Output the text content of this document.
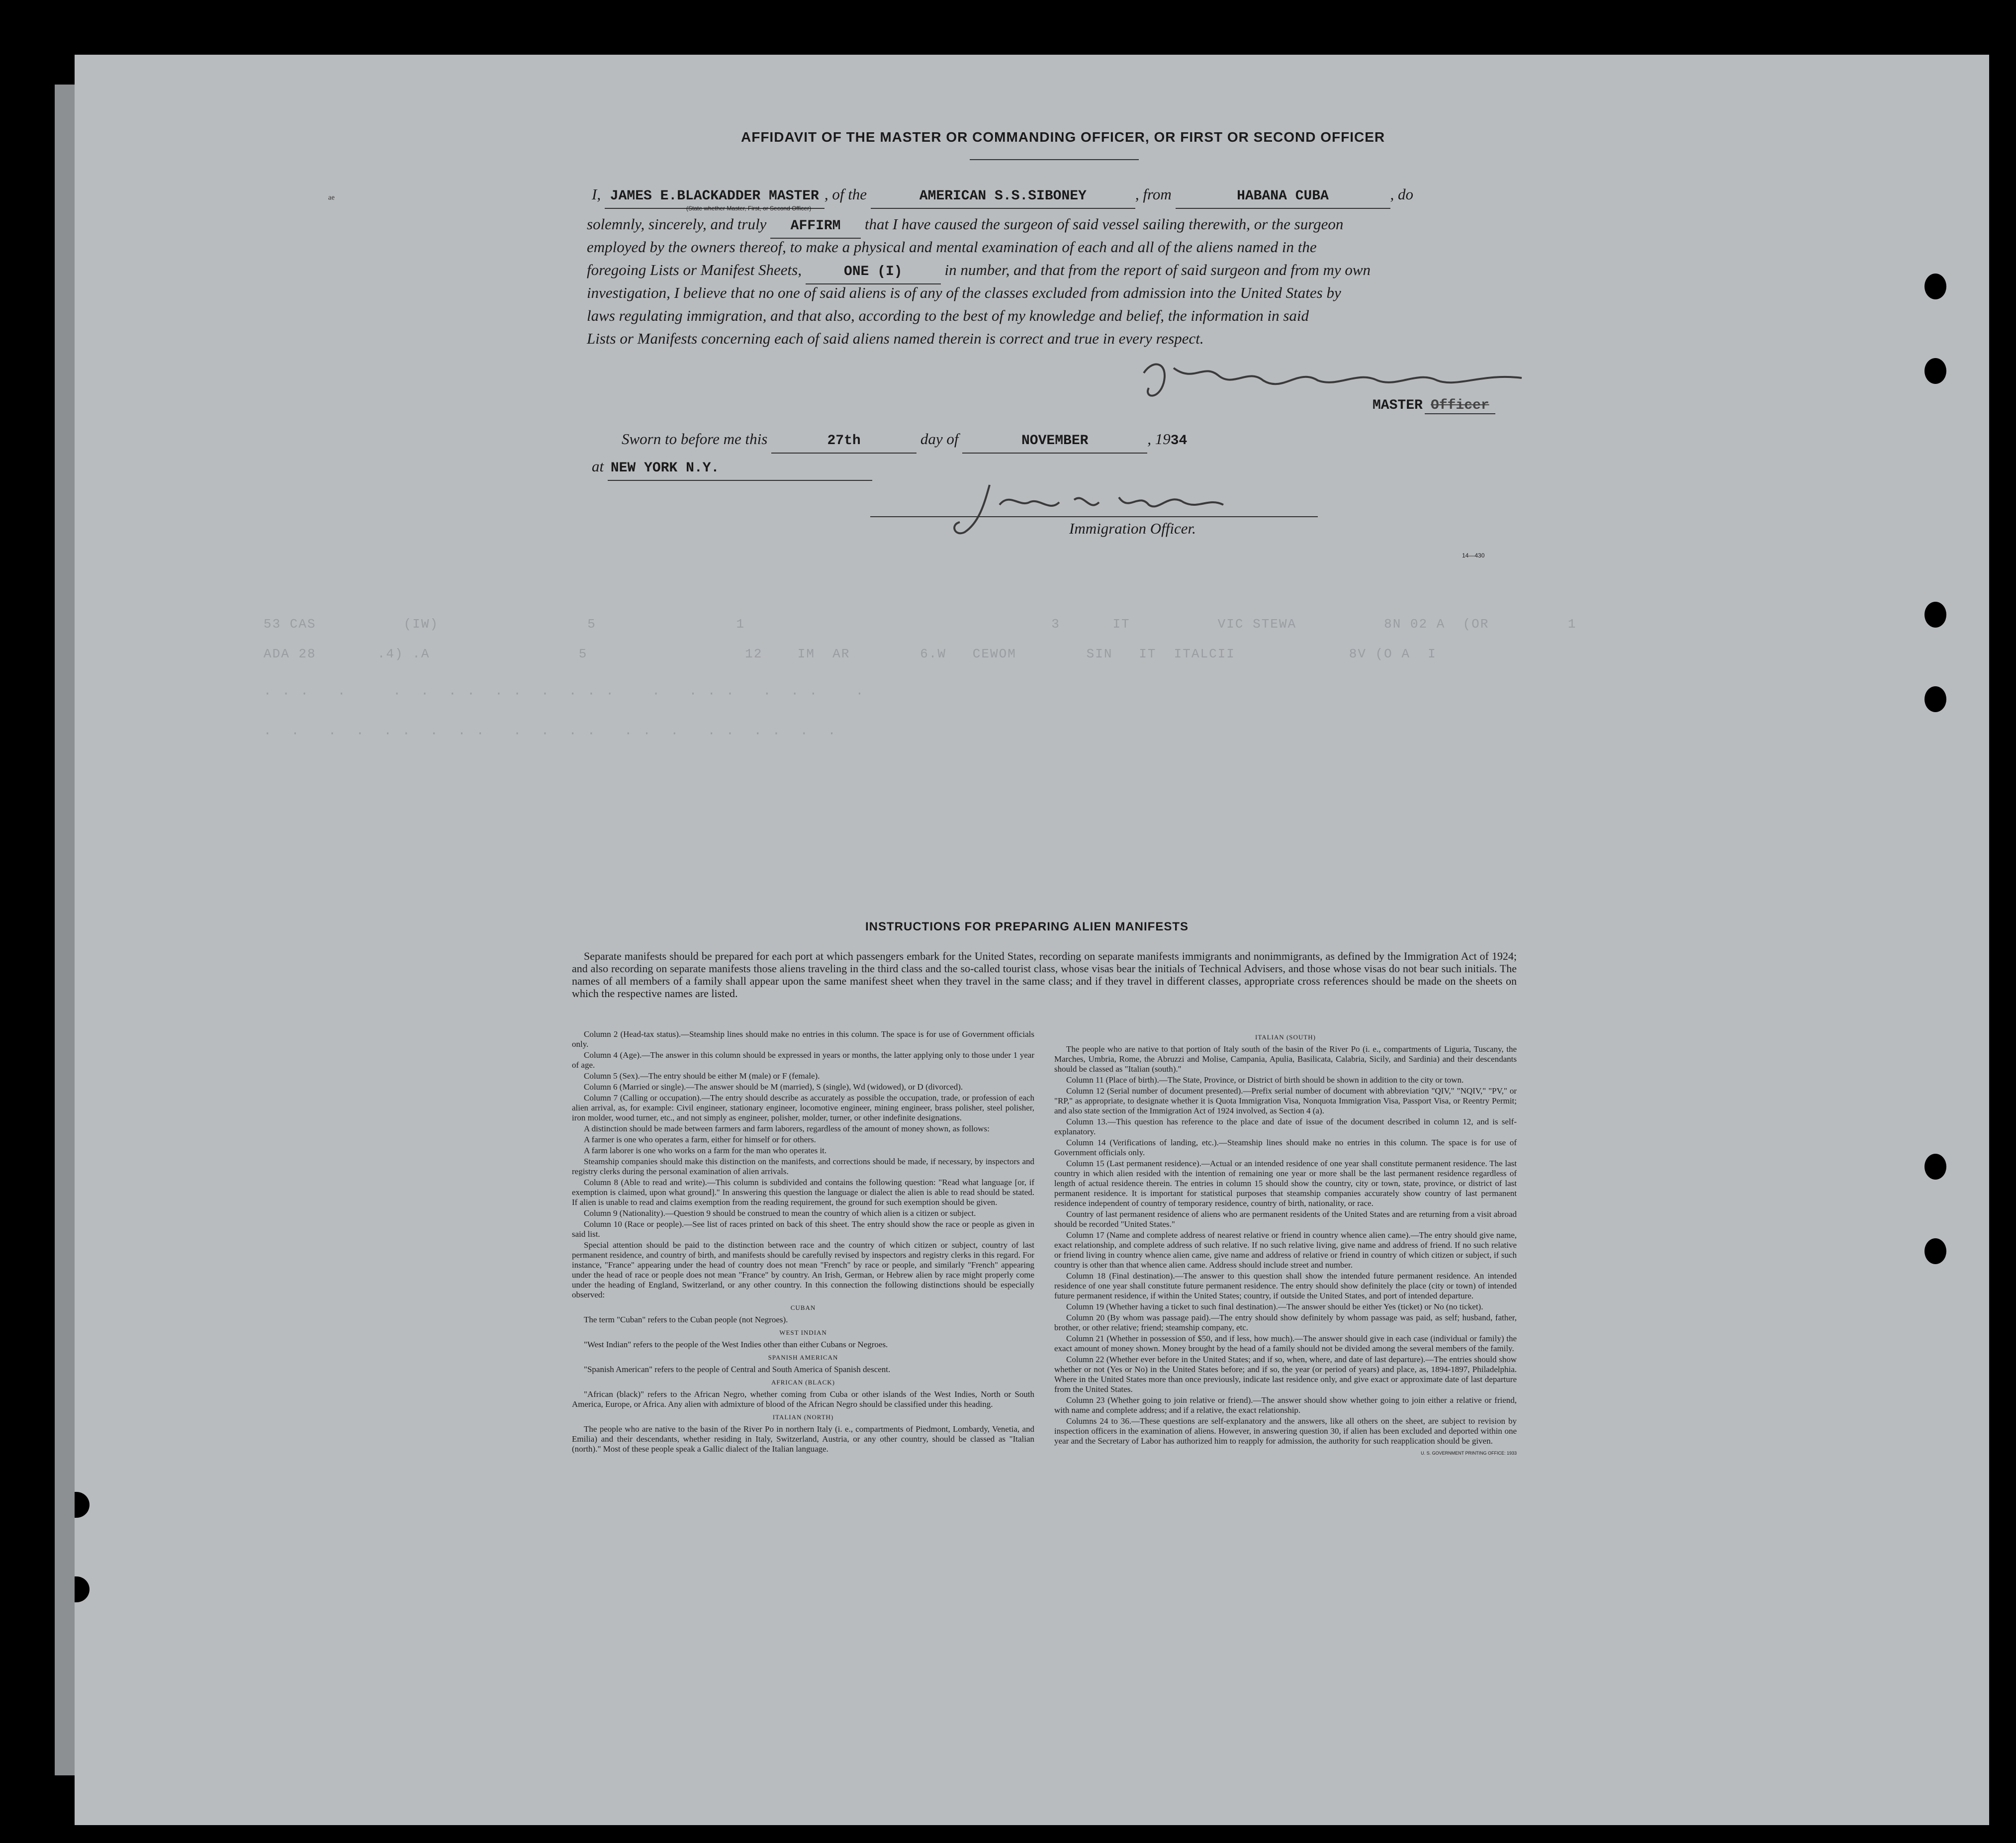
AFFIDAVIT OF THE MASTER OR COMMANDING OFFICER, OR FIRST OR SECOND OFFICER
I, JAMES E.BLACKADDER MASTER , of the	AMERICAN S.S.SIBONEY	, from	HABANA CUBA	, do
(State whether Master, First, or Second Officer)
ᵃᵉ
solemnly, sincerely, and truly AFFIRM that I have caused the surgeon of said vessel sailing therewith, or the surgeon
employed by the owners thereof, to make a physical and mental examination of each and all of the aliens named in the
foregoing Lists or Manifest Sheets,	ONE (I)	in number, and that from the report of said surgeon and from my own
investigation, I believe that no one of said aliens is of any of the classes excluded from admission into the United States by
laws regulating immigration, and that also, according to the best of my knowledge and belief, the information in said
Lists or Manifests concerning each of said aliens named therein is correct and true in every respect.
MASTER Officer
Sworn to before me this	27th	day of	NOVEMBER	, 1934
at NEW YORK N.Y.
Immigration Officer.
14—430
53 CAS          (IW)                 5                1                                   3      IT          VIC STEWA          8N 02 A  (OR         1
ADA 28       .4) .A                 5                  12    IM  AR        6.W   CEWOM        SIN   IT  ITALCII             8V (O A  I
· · ·   ·     ·  ·  · ·  · ·  ·  · · ·    ·   · · ·   ·  · ·    ·
·  ·   ·  ·  · ·  ·  · ·   ·  ·  · ·   · ·  ·   · ·  · ·  ·  ·
INSTRUCTIONS FOR PREPARING ALIEN MANIFESTS

Separate manifests should be prepared for each port at which passengers embark for the United States, recording on separate manifests immigrants and nonimmigrants, as defined by the Immigration Act of 1924; and also recording on separate manifests those aliens traveling in the third class and the so-called tourist class, whose visas bear the initials of Technical Advisers, and those whose visas do not bear such initials. The names of all members of a family shall appear upon the same manifest sheet when they travel in the same class; and if they travel in different classes, appropriate cross references should be made on the sheets on which the respective names are listed.

Column 2 (Head-tax status).—Steamship lines should make no entries in this column. The space is for use of Government officials only.

Column 4 (Age).—The answer in this column should be expressed in years or months, the latter applying only to those under 1 year of age.

Column 5 (Sex).—The entry should be either M (male) or F (female).

Column 6 (Married or single).—The answer should be M (married), S (single), Wd (widowed), or D (divorced).

Column 7 (Calling or occupation).—The entry should describe as accurately as possible the occupation, trade, or profession of each alien arrival, as, for example: Civil engineer, stationary engineer, locomotive engineer, mining engineer, brass polisher, steel polisher, iron molder, wood turner, etc., and not simply as engineer, polisher, molder, turner, or other indefinite designations.

A distinction should be made between farmers and farm laborers, regardless of the amount of money shown, as follows:

A farmer is one who operates a farm, either for himself or for others.

A farm laborer is one who works on a farm for the man who operates it.

Steamship companies should make this distinction on the manifests, and corrections should be made, if necessary, by inspectors and registry clerks during the personal examination of alien arrivals.

Column 8 (Able to read and write).—This column is subdivided and contains the following question: "Read what language [or, if exemption is claimed, upon what ground]." In answering this question the language or dialect the alien is able to read should be stated. If alien is unable to read and claims exemption from the reading requirement, the ground for such exemption should be given.

Column 9 (Nationality).—Question 9 should be construed to mean the country of which alien is a citizen or subject.

Column 10 (Race or people).—See list of races printed on back of this sheet. The entry should show the race or people as given in said list.

Special attention should be paid to the distinction between race and the country of which citizen or subject, country of last permanent residence, and country of birth, and manifests should be carefully revised by inspectors and registry clerks in this regard. For instance, "France" appearing under the head of country does not mean "French" by race or people, and similarly "French" appearing under the head of race or people does not mean "France" by country. An Irish, German, or Hebrew alien by race might properly come under the heading of England, Switzerland, or any other country. In this connection the following distinctions should be especially observed:

CUBAN

The term "Cuban" refers to the Cuban people (not Negroes).

WEST INDIAN

"West Indian" refers to the people of the West Indies other than either Cubans or Negroes.

SPANISH AMERICAN

"Spanish American" refers to the people of Central and South America of Spanish descent.

AFRICAN (BLACK)

"African (black)" refers to the African Negro, whether coming from Cuba or other islands of the West Indies, North or South America, Europe, or Africa. Any alien with admixture of blood of the African Negro should be classified under this heading.

ITALIAN (NORTH)

The people who are native to the basin of the River Po in northern Italy (i. e., compartments of Piedmont, Lombardy, Venetia, and Emilia) and their descendants, whether residing in Italy, Switzerland, Austria, or any other country, should be classed as "Italian (north)." Most of these people speak a Gallic dialect of the Italian language.

ITALIAN (SOUTH)

The people who are native to that portion of Italy south of the basin of the River Po (i. e., compartments of Liguria, Tuscany, the Marches, Umbria, Rome, the Abruzzi and Molise, Campania, Apulia, Basilicata, Calabria, Sicily, and Sardinia) and their descendants should be classed as "Italian (south)."

Column 11 (Place of birth).—The State, Province, or District of birth should be shown in addition to the city or town.

Column 12 (Serial number of document presented).—Prefix serial number of document with abbreviation "QIV," "NQIV," "PV," or "RP," as appropriate, to designate whether it is Quota Immigration Visa, Nonquota Immigration Visa, Passport Visa, or Reentry Permit; and also state section of the Immigration Act of 1924 involved, as Section 4 (a).

Column 13.—This question has reference to the place and date of issue of the document described in column 12, and is self-explanatory.

Column 14 (Verifications of landing, etc.).—Steamship lines should make no entries in this column. The space is for use of Government officials only.

Column 15 (Last permanent residence).—Actual or an intended residence of one year shall constitute permanent residence. The last country in which alien resided with the intention of remaining one year or more shall be the last permanent residence regardless of length of actual residence therein. The entries in column 15 should show the country, city or town, state, province, or district of last permanent residence. It is important for statistical purposes that steamship companies accurately show country of last permanent residence independent of country of temporary residence, country of birth, nationality, or race.

Country of last permanent residence of aliens who are permanent residents of the United States and are returning from a visit abroad should be recorded "United States."

Column 17 (Name and complete address of nearest relative or friend in country whence alien came).—The entry should give name, exact relationship, and complete address of such relative. If no such relative living, give name and address of friend. If no such relative or friend living in country whence alien came, give name and address of relative or friend in country of which citizen or subject, if such country is other than that whence alien came. Address should include street and number.

Column 18 (Final destination).—The answer to this question shall show the intended future permanent residence. An intended residence of one year shall constitute future permanent residence. The entry should show definitely the place (city or town) of intended future permanent residence, if within the United States; country, if outside the United States, and port of intended departure.

Column 19 (Whether having a ticket to such final destination).—The answer should be either Yes (ticket) or No (no ticket).

Column 20 (By whom was passage paid).—The entry should show definitely by whom passage was paid, as self; husband, father, brother, or other relative; friend; steamship company, etc.

Column 21 (Whether in possession of $50, and if less, how much).—The answer should give in each case (individual or family) the exact amount of money shown. Money brought by the head of a family should not be divided among the several members of the family.

Column 22 (Whether ever before in the United States; and if so, when, where, and date of last departure).—The entries should show whether or not (Yes or No) in the United States before; and if so, the year (or period of years) and place, as, 1894-1897, Philadelphia. Where in the United States more than once previously, indicate last residence only, and give exact or approximate date of last departure from the United States.

Column 23 (Whether going to join relative or friend).—The answer should show whether going to join either a relative or friend, with name and complete address; and if a relative, the exact relationship.

Columns 24 to 36.—These questions are self-explanatory and the answers, like all others on the sheet, are subject to revision by inspection officers in the examination of aliens. However, in answering question 30, if alien has been excluded and deported within one year and the Secretary of Labor has authorized him to reapply for admission, the authority for such reapplication should be given.

U. S. GOVERNMENT PRINTING OFFICE: 1933
